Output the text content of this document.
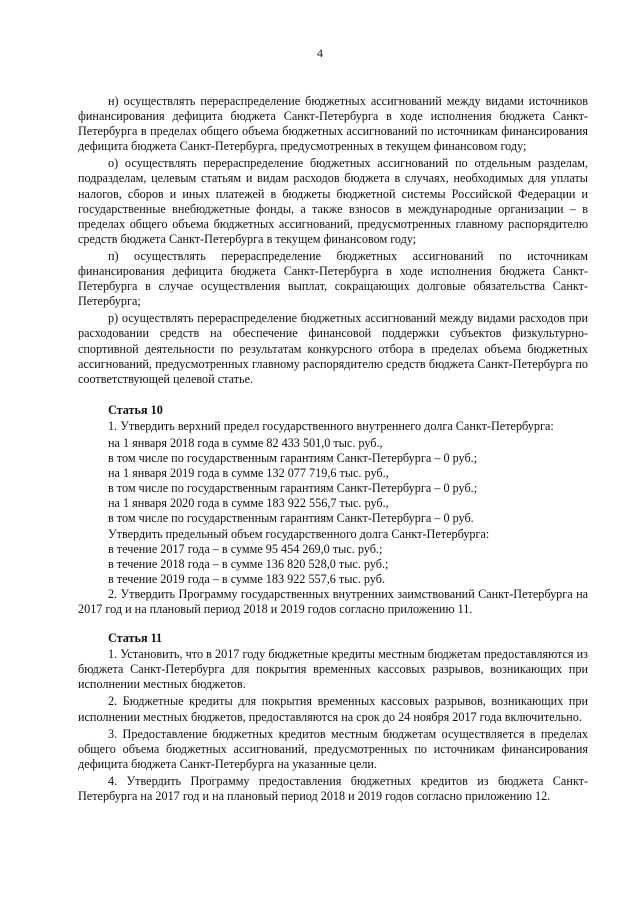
4

н) осуществлять перераспределение бюджетных ассигнований между видами источников финансирования дефицита бюджета Санкт-Петербурга в ходе исполнения бюджета Санкт-Петербурга в пределах общего объема бюджетных ассигнований по источникам финансирования дефицита бюджета Санкт-Петербурга, предусмотренных в текущем финансовом году;

о) осуществлять перераспределение бюджетных ассигнований по отдельным разделам, подразделам, целевым статьям и видам расходов бюджета в случаях, необходимых для уплаты налогов, сборов и иных платежей в бюджеты бюджетной системы Российской Федерации и государственные внебюджетные фонды, а также взносов в международные организации – в пределах общего объема бюджетных ассигнований, предусмотренных главному распорядителю средств бюджета Санкт-Петербурга в текущем финансовом году;

п) осуществлять перераспределение бюджетных ассигнований по источникам финансирования дефицита бюджета Санкт-Петербурга в ходе исполнения бюджета Санкт-Петербурга в случае осуществления выплат, сокращающих долговые обязательства Санкт-Петербурга;

р) осуществлять перераспределение бюджетных ассигнований между видами расходов при расходовании средств на обеспечение финансовой поддержки субъектов физкультурно-спортивной деятельности по результатам конкурсного отбора в пределах объема бюджетных ассигнований, предусмотренных главному распорядителю средств бюджета Санкт-Петербурга по соответствующей целевой статье.

Статья 10

1. Утвердить верхний предел государственного внутреннего долга Санкт-Петербурга:

на 1 января 2018 года в сумме 82 433 501,0 тыс. руб.,

в том числе по государственным гарантиям Санкт-Петербурга – 0 руб.;

на 1 января 2019 года в сумме 132 077 719,6 тыс. руб.,

в том числе по государственным гарантиям Санкт-Петербурга – 0 руб.;

на 1 января 2020 года в сумме 183 922 556,7 тыс. руб.,

в том числе по государственным гарантиям Санкт-Петербурга – 0 руб.

Утвердить предельный объем государственного долга Санкт-Петербурга:

в течение 2017 года – в сумме 95 454 269,0 тыс. руб.;

в течение 2018 года – в сумме 136 820 528,0 тыс. руб.;

в течение 2019 года – в сумме 183 922 557,6 тыс. руб.

2. Утвердить Программу государственных внутренних заимствований Санкт-Петербурга на 2017 год и на плановый период 2018 и 2019 годов согласно приложению 11.

Статья 11

1. Установить, что в 2017 году бюджетные кредиты местным бюджетам предоставляются из бюджета Санкт-Петербурга для покрытия временных кассовых разрывов, возникающих при исполнении местных бюджетов.

2. Бюджетные кредиты для покрытия временных кассовых разрывов, возникающих при исполнении местных бюджетов, предоставляются на срок до 24 ноября 2017 года включительно.

3. Предоставление бюджетных кредитов местным бюджетам осуществляется в пределах общего объема бюджетных ассигнований, предусмотренных по источникам финансирования дефицита бюджета Санкт-Петербурга на указанные цели.

4. Утвердить Программу предоставления бюджетных кредитов из бюджета Санкт-Петербурга на 2017 год и на плановый период 2018 и 2019 годов согласно приложению 12.
